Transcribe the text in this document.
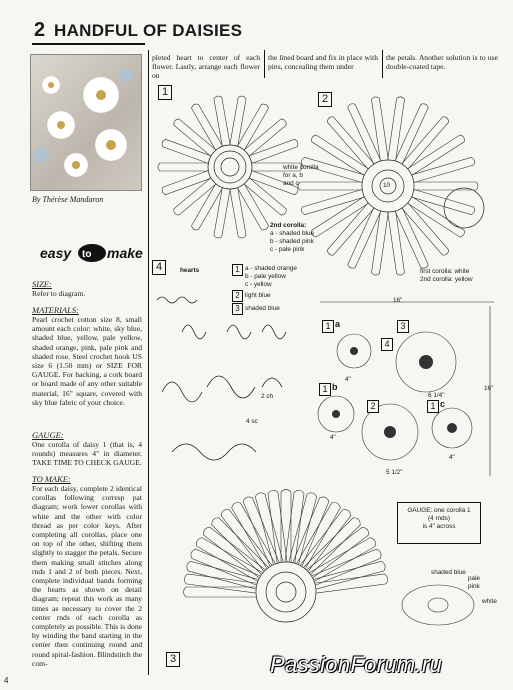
2 HANDFUL OF DAISIES
By Thérèse Mandaron
easy to make
SIZE:
Refer to diagram.
MATERIALS:
Pearl crochet cotton size 8, small amount each color: white, sky blue, shaded blue, yellow, pale yellow, shaded orange, pink, pale pink and shaded rose. Steel crochet hook US size 6 (1.50 mm) or SIZE FOR GAUGE. For backing, a cork board or board made of any other suitable material, 16" square, covered with sky blue fabric of your choice.
GAUGE:
One corolla of daisy 1 (that is, 4 rounds) measures 4" in diameter. TAKE TIME TO CHECK GAUGE.
TO MAKE:
For each daisy, complete 2 identical corollas following corresp pat diagram; work lower corollas with white and the other with color thread as per color keys. After completing all corollas, place one on top of the other, shifting them slightly to stagger the petals. Secure them making small stitches along rnds 1 and 2 of both pieces. Next, complete individual bands forming the hearts as shown on detail diagram; repeat this work as many times as necessary to cover the 2 center rnds of each corolla as completely as possible. This is done by winding the band starting in the center then continuing round and round spiral-fashion. Blindstitch the com-
pleted heart to center of each flower. Lastly, arrange each flower on
the lined board and fix in place with pins, concealing them under
the petals. Another solution is to use double-coated tape.
1
white corolla
for a, b
and c
2nd corolla:
a - shaded blue
b - shaded pink
c - pale pink
2
10
first corolla: white
2nd corolla: yellow
4	hearts	1 a - shaded orange
b - pale yellow
c - yellow
2 light blue
3 shaded blue
2 ch
4 sc
16"
16"
1 a	3
4
1 b
2	1 c
6 1/4"
5 1/2"
4"
4"
4"
GAUGE: one corolla 1
(4 rnds)
is 4" across
3
shaded blue
pale
pink
white
PassionForum.ru
4
